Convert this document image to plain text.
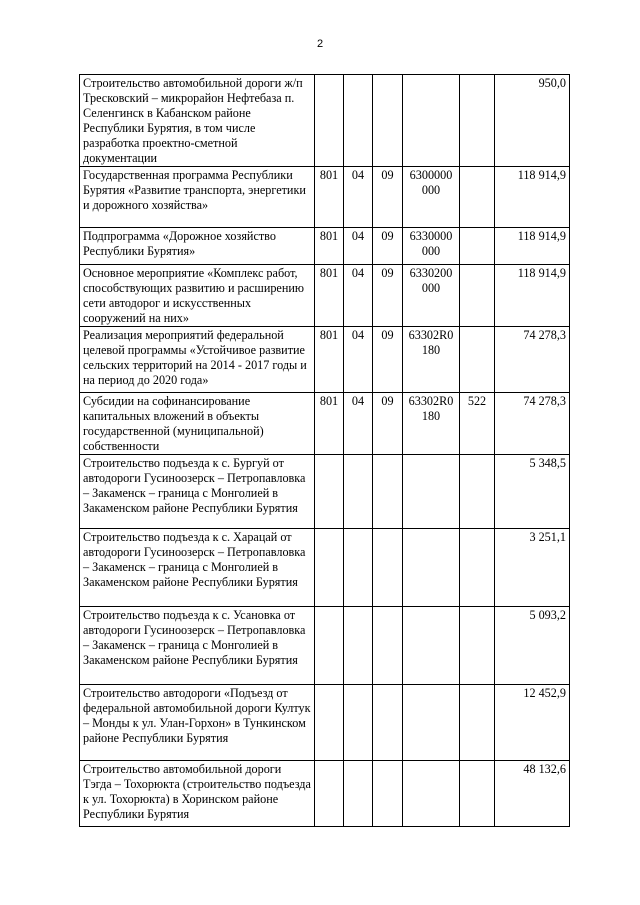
2
Строительство автомобильной дороги ж/п Тресковский – микрорайон Нефтебаза п. Селенгинск в Кабанском районе Республики Бурятия, в том числе разработка проектно-сметной документации						950,0
Государственная программа Республики Бурятия «Развитие транспорта, энергетики и дорожного хозяйства»	801	04	09	6300000 000		118 914,9
Подпрограмма «Дорожное хозяйство Республики Бурятия»	801	04	09	6330000 000		118 914,9
Основное мероприятие «Комплекс работ, способствующих развитию и расширению сети автодорог и искусственных сооружений на них»	801	04	09	6330200 000		118 914,9
Реализация мероприятий федеральной целевой программы «Устойчивое развитие сельских территорий на 2014 - 2017 годы и на период до 2020 года»	801	04	09	63302R0 180		74 278,3
Субсидии на софинансирование капитальных вложений в объекты государственной (муниципальной) собственности	801	04	09	63302R0 180	522	74 278,3
Строительство подъезда к с. Бургуй от автодороги Гусиноозерск – Петропавловка – Закаменск – граница с Монголией в Закаменском районе Республики Бурятия						5 348,5
Строительство подъезда к с. Харацай от автодороги Гусиноозерск – Петропавловка – Закаменск – граница с Монголией в Закаменском районе Республики Бурятия						3 251,1
Строительство подъезда к с. Усановка от автодороги Гусиноозерск – Петропавловка – Закаменск – граница с Монголией в Закаменском районе Республики Бурятия						5 093,2
Строительство автодороги «Подъезд от федеральной автомобильной дороги Култук – Монды к ул. Улан-Горхон» в Тункинском районе Республики Бурятия						12 452,9
Строительство автомобильной дороги Тэгда – Тохорюкта (строительство подъезда к ул. Тохорюкта) в Хоринском районе Республики Бурятия						48 132,6
